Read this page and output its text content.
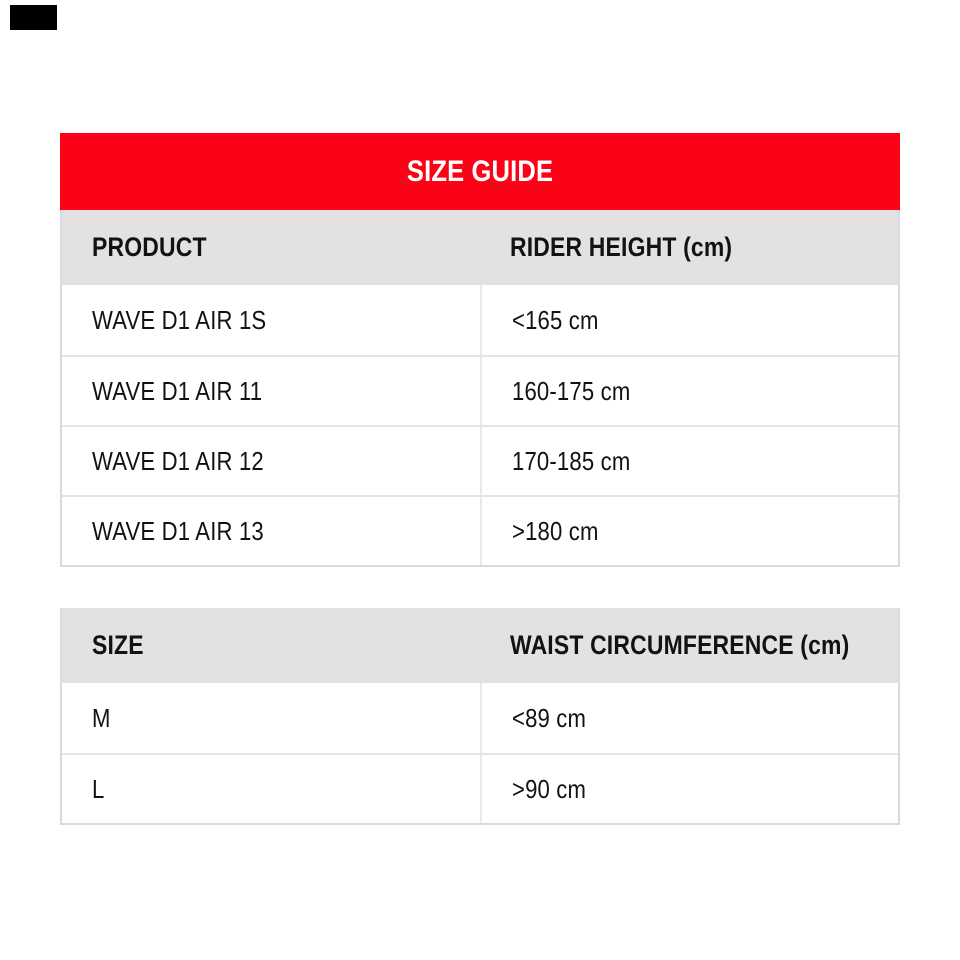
SIZE GUIDE
PRODUCT	RIDER HEIGHT (cm)
WAVE D1 AIR 1S	<165 cm
WAVE D1 AIR 11	160-175 cm
WAVE D1 AIR 12	170-185 cm
WAVE D1 AIR 13	>180 cm
SIZE	WAIST CIRCUMFERENCE (cm)
M	<89 cm
L	>90 cm
